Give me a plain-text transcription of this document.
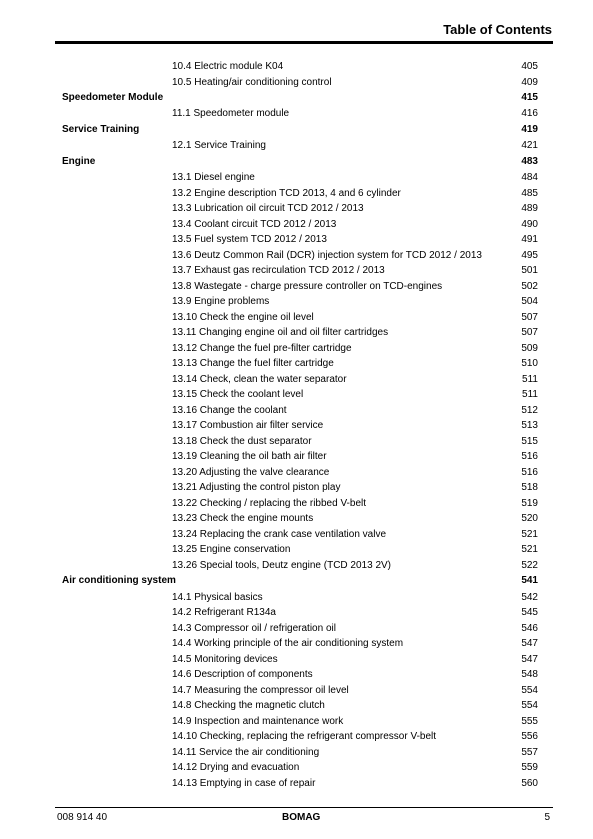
Table of Contents
10.4 Electric module K04	405
10.5 Heating/air conditioning control	409
Speedometer Module	415
11.1 Speedometer module	416
Service Training	419
12.1 Service Training	421
Engine	483
13.1 Diesel engine	484
13.2 Engine description TCD 2013, 4 and 6 cylinder	485
13.3 Lubrication oil circuit TCD 2012 / 2013	489
13.4 Coolant circuit TCD 2012 / 2013	490
13.5 Fuel system TCD 2012 / 2013	491
13.6 Deutz Common Rail (DCR) injection system for TCD 2012 / 2013	495
13.7 Exhaust gas recirculation TCD 2012 / 2013	501
13.8 Wastegate - charge pressure controller on TCD-engines	502
13.9 Engine problems	504
13.10 Check the engine oil level	507
13.11 Changing engine oil and oil filter cartridges	507
13.12 Change the fuel pre-filter cartridge	509
13.13 Change the fuel filter cartridge	510
13.14 Check, clean the water separator	511
13.15 Check the coolant level	511
13.16 Change the coolant	512
13.17 Combustion air filter service	513
13.18 Check the dust separator	515
13.19 Cleaning the oil bath air filter	516
13.20 Adjusting the valve clearance	516
13.21 Adjusting the control piston play	518
13.22 Checking / replacing the ribbed V-belt	519
13.23 Check the engine mounts	520
13.24 Replacing the crank case ventilation valve	521
13.25 Engine conservation	521
13.26 Special tools, Deutz engine (TCD 2013 2V)	522
Air conditioning system	541
14.1 Physical basics	542
14.2 Refrigerant R134a	545
14.3 Compressor oil / refrigeration oil	546
14.4 Working principle of the air conditioning system	547
14.5 Monitoring devices	547
14.6 Description of components	548
14.7 Measuring the compressor oil level	554
14.8 Checking the magnetic clutch	554
14.9 Inspection and maintenance work	555
14.10 Checking, replacing the refrigerant compressor V-belt	556
14.11 Service the air conditioning	557
14.12 Drying and evacuation	559
14.13 Emptying in case of repair	560
008 914 40	BOMAG	5
